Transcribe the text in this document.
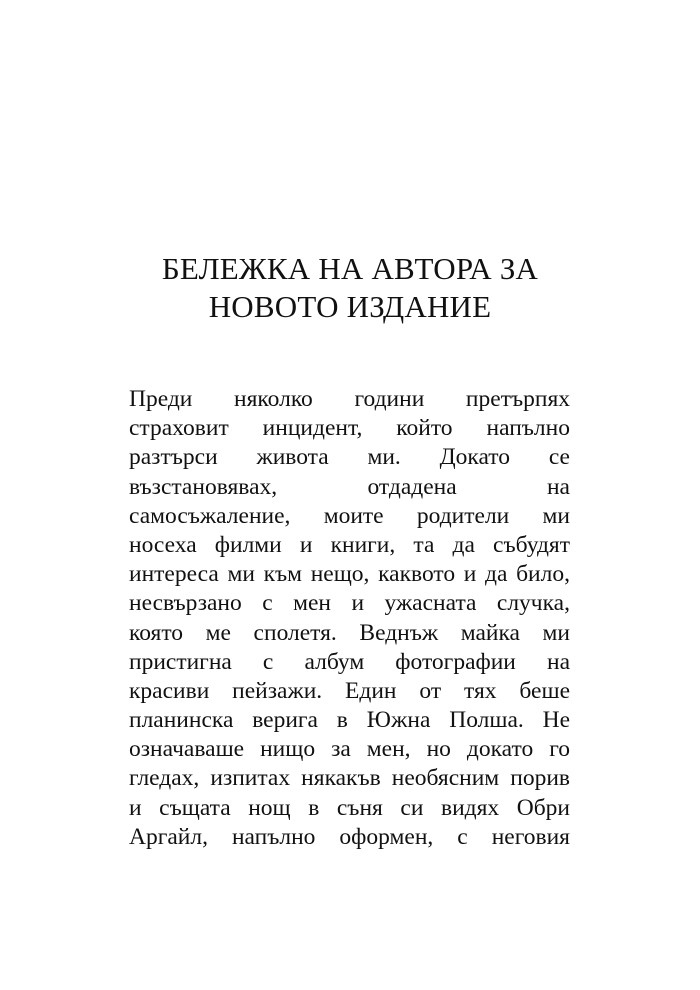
БЕЛЕЖКА НА АВТОРА ЗА
НОВОТО ИЗДАНИЕ
Преди няколко години претърпях
страховит инцидент, който напълно
разтърси живота ми. Докато се
възстановявах, отдадена на
самосъжаление, моите родители ми
носеха филми и книги, та да събудят
интереса ми към нещо, каквото и да било,
несвързано с мен и ужасната случка,
която ме сполетя. Веднъж майка ми
пристигна с албум фотографии на
красиви пейзажи. Един от тях беше
планинска верига в Южна Полша. Не
означаваше нищо за мен, но докато го
гледах, изпитах някакъв необясним порив
и същата нощ в съня си видях Обри
Аргайл, напълно оформен, с неговия
